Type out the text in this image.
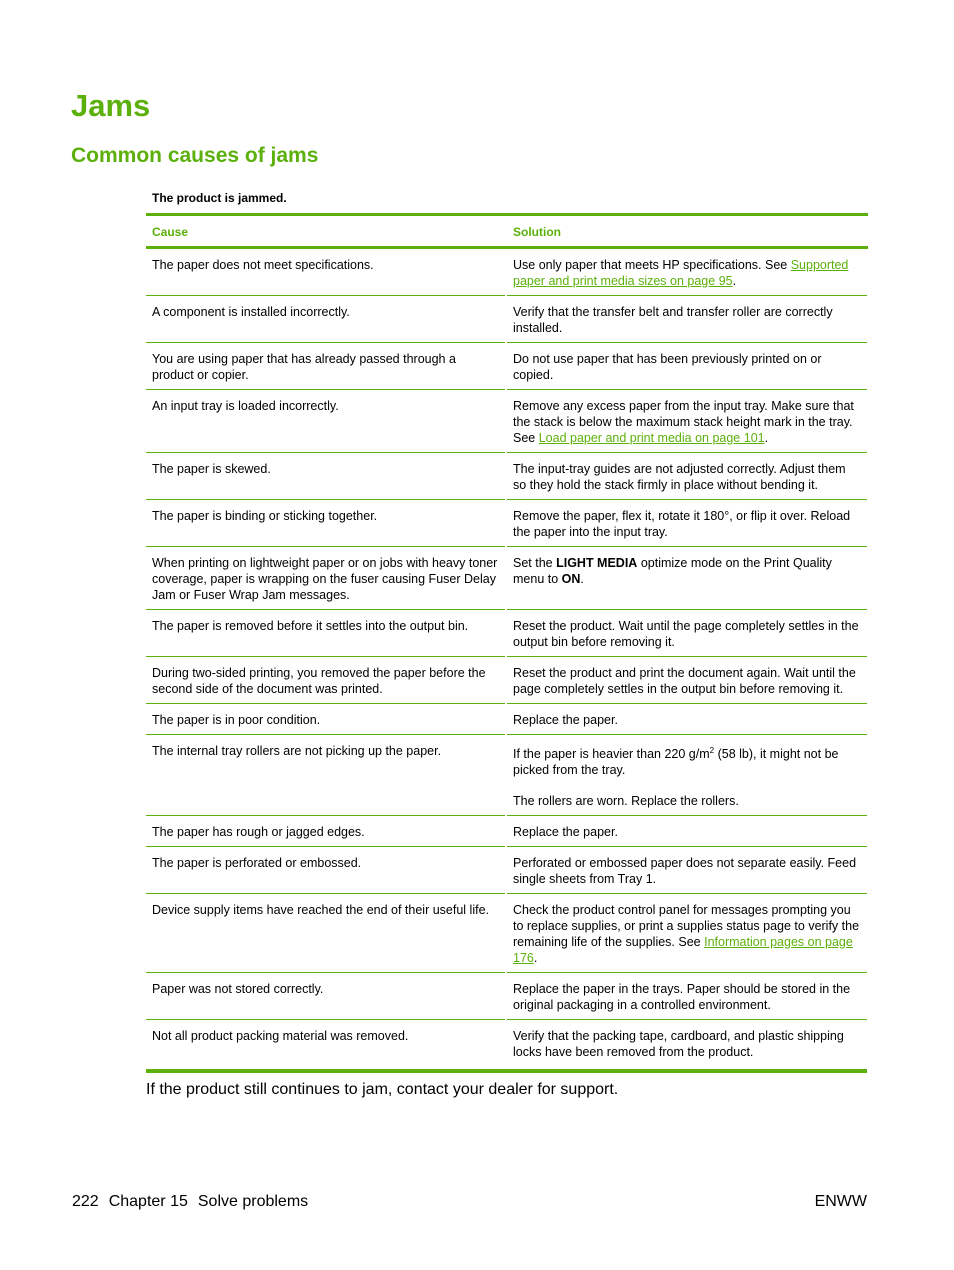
Jams
Common causes of jams
The product is jammed.
Cause	Solution
The paper does not meet specifications.	Use only paper that meets HP specifications. See Supported paper and print media sizes on page 95.
A component is installed incorrectly.	Verify that the transfer belt and transfer roller are correctly installed.
You are using paper that has already passed through a product or copier.	Do not use paper that has been previously printed on or copied.
An input tray is loaded incorrectly.	Remove any excess paper from the input tray. Make sure that the stack is below the maximum stack height mark in the tray. See Load paper and print media on page 101.
The paper is skewed.	The input-tray guides are not adjusted correctly. Adjust them so they hold the stack firmly in place without bending it.
The paper is binding or sticking together.	Remove the paper, flex it, rotate it 180°, or flip it over. Reload the paper into the input tray.
When printing on lightweight paper or on jobs with heavy toner coverage, paper is wrapping on the fuser causing Fuser Delay Jam or Fuser Wrap Jam messages.	Set the LIGHT MEDIA optimize mode on the Print Quality menu to ON.
The paper is removed before it settles into the output bin.	Reset the product. Wait until the page completely settles in the output bin before removing it.
During two-sided printing, you removed the paper before the second side of the document was printed.	Reset the product and print the document again. Wait until the page completely settles in the output bin before removing it.
The paper is in poor condition.	Replace the paper.
The internal tray rollers are not picking up the paper.	If the paper is heavier than 220 $g/m^2$ (58 lb), it might not be picked from the tray.
The rollers are worn. Replace the rollers.
The paper has rough or jagged edges.	Replace the paper.
The paper is perforated or embossed.	Perforated or embossed paper does not separate easily. Feed single sheets from Tray 1.
Device supply items have reached the end of their useful life.	Check the product control panel for messages prompting you to replace supplies, or print a supplies status page to verify the remaining life of the supplies. See Information pages on page 176.
Paper was not stored correctly.	Replace the paper in the trays. Paper should be stored in the original packaging in a controlled environment.
Not all product packing material was removed.	Verify that the packing tape, cardboard, and plastic shipping locks have been removed from the product.

If the product still continues to jam, contact your dealer for support.

222 Chapter 15 Solve problems	ENWW
